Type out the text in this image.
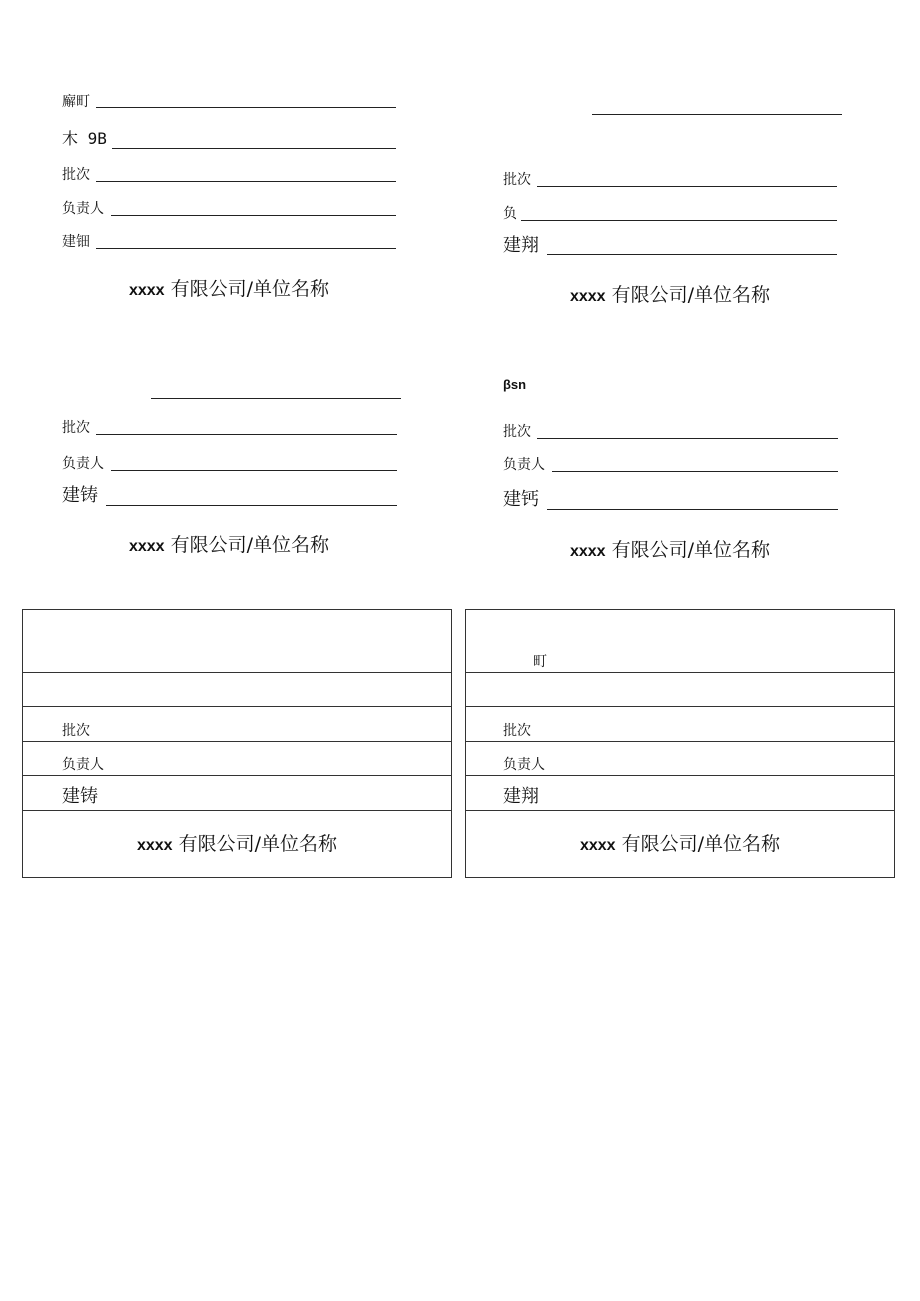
廨町
木 9B
批次
负责人
建钿
xxxx 有限公司/单位名称
批次
负
建翔
xxxx 有限公司/单位名称
批次
负责人
建铸
xxxx 有限公司/单位名称
βsn
批次
负责人
建钙
xxxx 有限公司/单位名称
批次
负责人
建铸
xxxx 有限公司/单位名称
町
批次
负责人
建翔
xxxx 有限公司/单位名称
